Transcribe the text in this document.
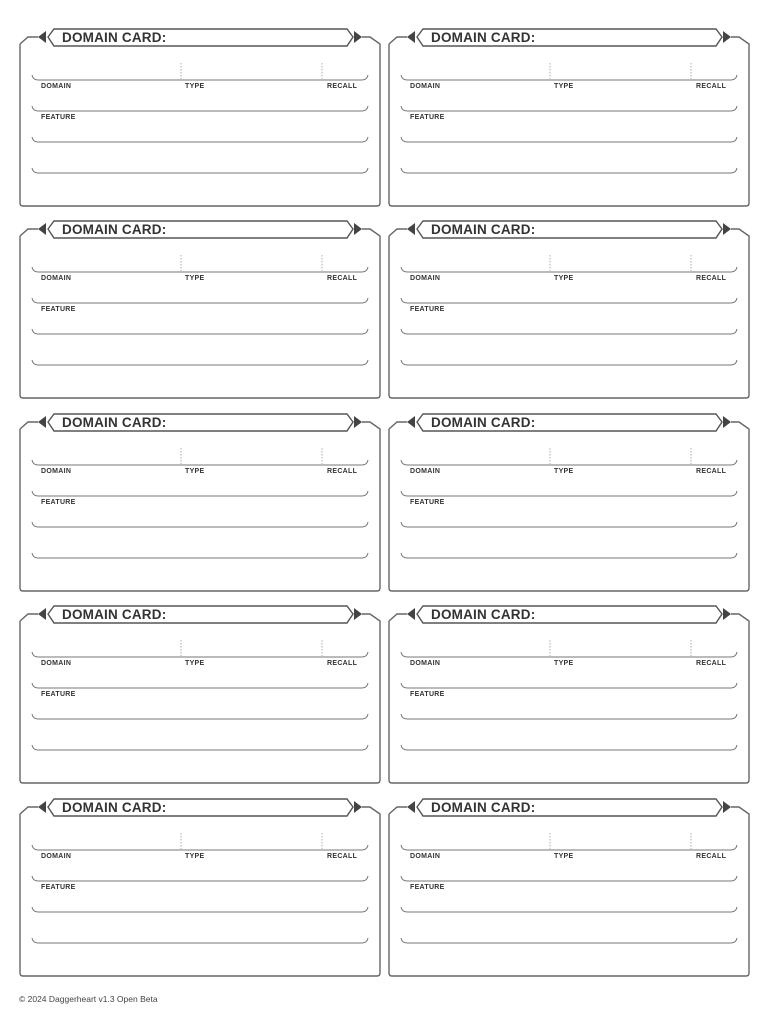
DOMAIN CARD:
DOMAIN	TYPE	RECALL
FEATURE
DOMAIN CARD:
DOMAIN	TYPE	RECALL
FEATURE
DOMAIN CARD:
DOMAIN	TYPE	RECALL
FEATURE
DOMAIN CARD:
DOMAIN	TYPE	RECALL
FEATURE
DOMAIN CARD:
DOMAIN	TYPE	RECALL
FEATURE
DOMAIN CARD:
DOMAIN	TYPE	RECALL
FEATURE
DOMAIN CARD:
DOMAIN	TYPE	RECALL
FEATURE
DOMAIN CARD:
DOMAIN	TYPE	RECALL
FEATURE
DOMAIN CARD:
DOMAIN	TYPE	RECALL
FEATURE
DOMAIN CARD:
DOMAIN	TYPE	RECALL
FEATURE
© 2024 Daggerheart v1.3 Open Beta
